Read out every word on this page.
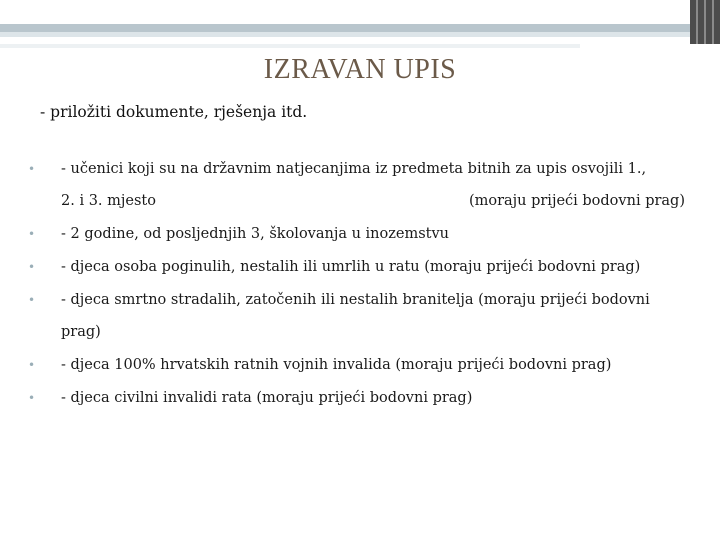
IZRAVAN UPIS
- priložiti dokumente, rješenja itd.
• - učenici koji su na državnim natjecanjima iz predmeta bitnih za upis osvojili 1.,
2. i 3. mjesto	(moraju prijeći bodovni prag)
• - 2 godine, od posljednjih 3, školovanja u inozemstvu
• - djeca osoba poginulih, nestalih ili umrlih u ratu (moraju prijeći bodovni prag)
• - djeca smrtno stradalih, zatočenih ili nestalih branitelja (moraju prijeći bodovni
prag)
• - djeca 100% hrvatskih ratnih vojnih invalida (moraju prijeći bodovni prag)
• - djeca civilni invalidi rata (moraju prijeći bodovni prag)
